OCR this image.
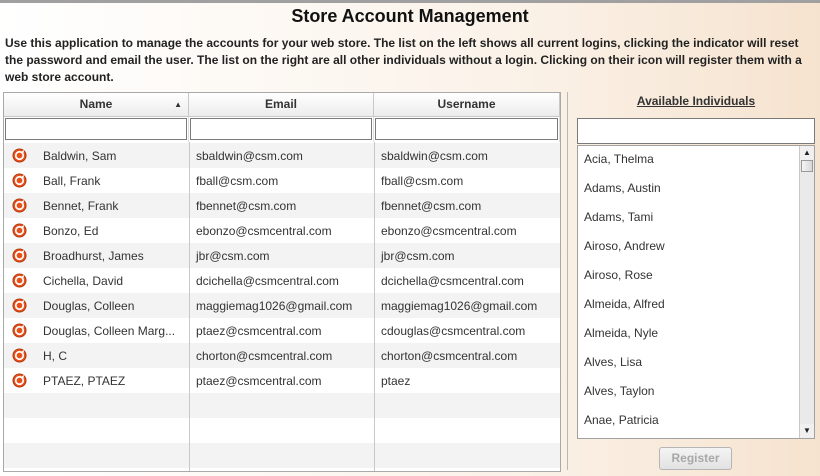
Store Account Management
Use this application to manage the accounts for your web store. The list on the left shows all current logins, clicking the indicator will reset the password and email the user. The list on the right are all other individuals without a login. Clicking on their icon will register them with a web store account.
Name	▲	Email	Username
Baldwin, Sam	sbaldwin@csm.com	sbaldwin@csm.com
Ball, Frank	fball@csm.com	fball@csm.com
Bennet, Frank	fbennet@csm.com	fbennet@csm.com
Bonzo, Ed	ebonzo@csmcentral.com	ebonzo@csmcentral.com
Broadhurst, James	jbr@csm.com	jbr@csm.com
Cichella, David	dcichella@csmcentral.com	dcichella@csmcentral.com
Douglas, Colleen	maggiemag1026@gmail.com	maggiemag1026@gmail.com
Douglas, Colleen Marg...	ptaez@csmcentral.com	cdouglas@csmcentral.com
H, C	chorton@csmcentral.com	chorton@csmcentral.com
PTAEZ, PTAEZ	ptaez@csmcentral.com	ptaez
Available Individuals
Acia, Thelma
Adams, Austin
Adams, Tami
Airoso, Andrew
Airoso, Rose
Almeida, Alfred
Almeida, Nyle
Alves, Lisa
Alves, Taylon
Anae, Patricia
▲
▼
Register
